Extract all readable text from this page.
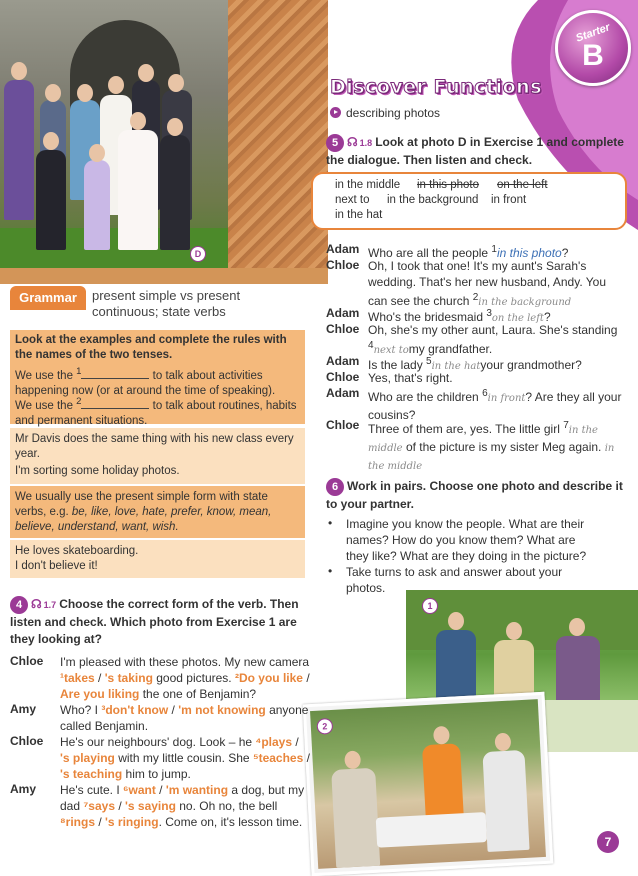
D
Starter
B
Discover Functions
describing photos
5 ☊ 1.8 Look at photo D in Exercise 1 and complete the dialogue. Then listen and check.
in the middle in this photo on the left
next to in the background in front
in the hat
Adam Who are all the people $^1$in this photo?
Chloe Oh, I took that one! It's my aunt's Sarah's wedding. That's her new husband, Andy. You can see the church $^2$in the background
Adam Who's the bridesmaid $^3$on the left?
Chloe Oh, she's my other aunt, Laura. She's standing $^4$next tomy grandfather.
Adam Is the lady $^5$in the hatyour grandmother?
Chloe Yes, that's right.
Adam Who are the children $^6$in front? Are they all your cousins?
Chloe Three of them are, yes. The little girl $^7$in the middle of the picture is my sister Meg again. in the middle
6 Work in pairs. Choose one photo and describe it to your partner.
• Imagine you know the people. What are their names? How do you know them? What are they like? What are they doing in the picture?
• Take turns to ask and answer about your photos.
1
2
Grammar	present simple vs present continuous; state verbs
Look at the examples and complete the rules with the names of the two tenses.
We use the $^1$	to talk about activities happening now (or at around the time of speaking).
We use the $^2$	to talk about routines, habits and permanent situations.
Mr Davis does the same thing with his new class every year.
I'm sorting some holiday photos.
We usually use the present simple form with state verbs, e.g. be, like, love, hate, prefer, know, mean, believe, understand, want, wish.
He loves skateboarding.
I don't believe it!
4 ☊ 1.7 Choose the correct form of the verb. Then listen and check. Which photo from Exercise 1 are they looking at?
Chloe I'm pleased with these photos. My new camera ¹takes / 's taking good pictures. ²Do you like / Are you liking the one of Benjamin?
Amy Who? I ³don't know / 'm not knowing anyone called Benjamin.
Chloe He's our neighbours' dog. Look – he ⁴plays / 's playing with my little cousin. She ⁵teaches / 's teaching him to jump.
Amy He's cute. I ⁶want / 'm wanting a dog, but my dad ⁷says / 's saying no. Oh no, the bell ⁸rings / 's ringing. Come on, it's lesson time.
7
